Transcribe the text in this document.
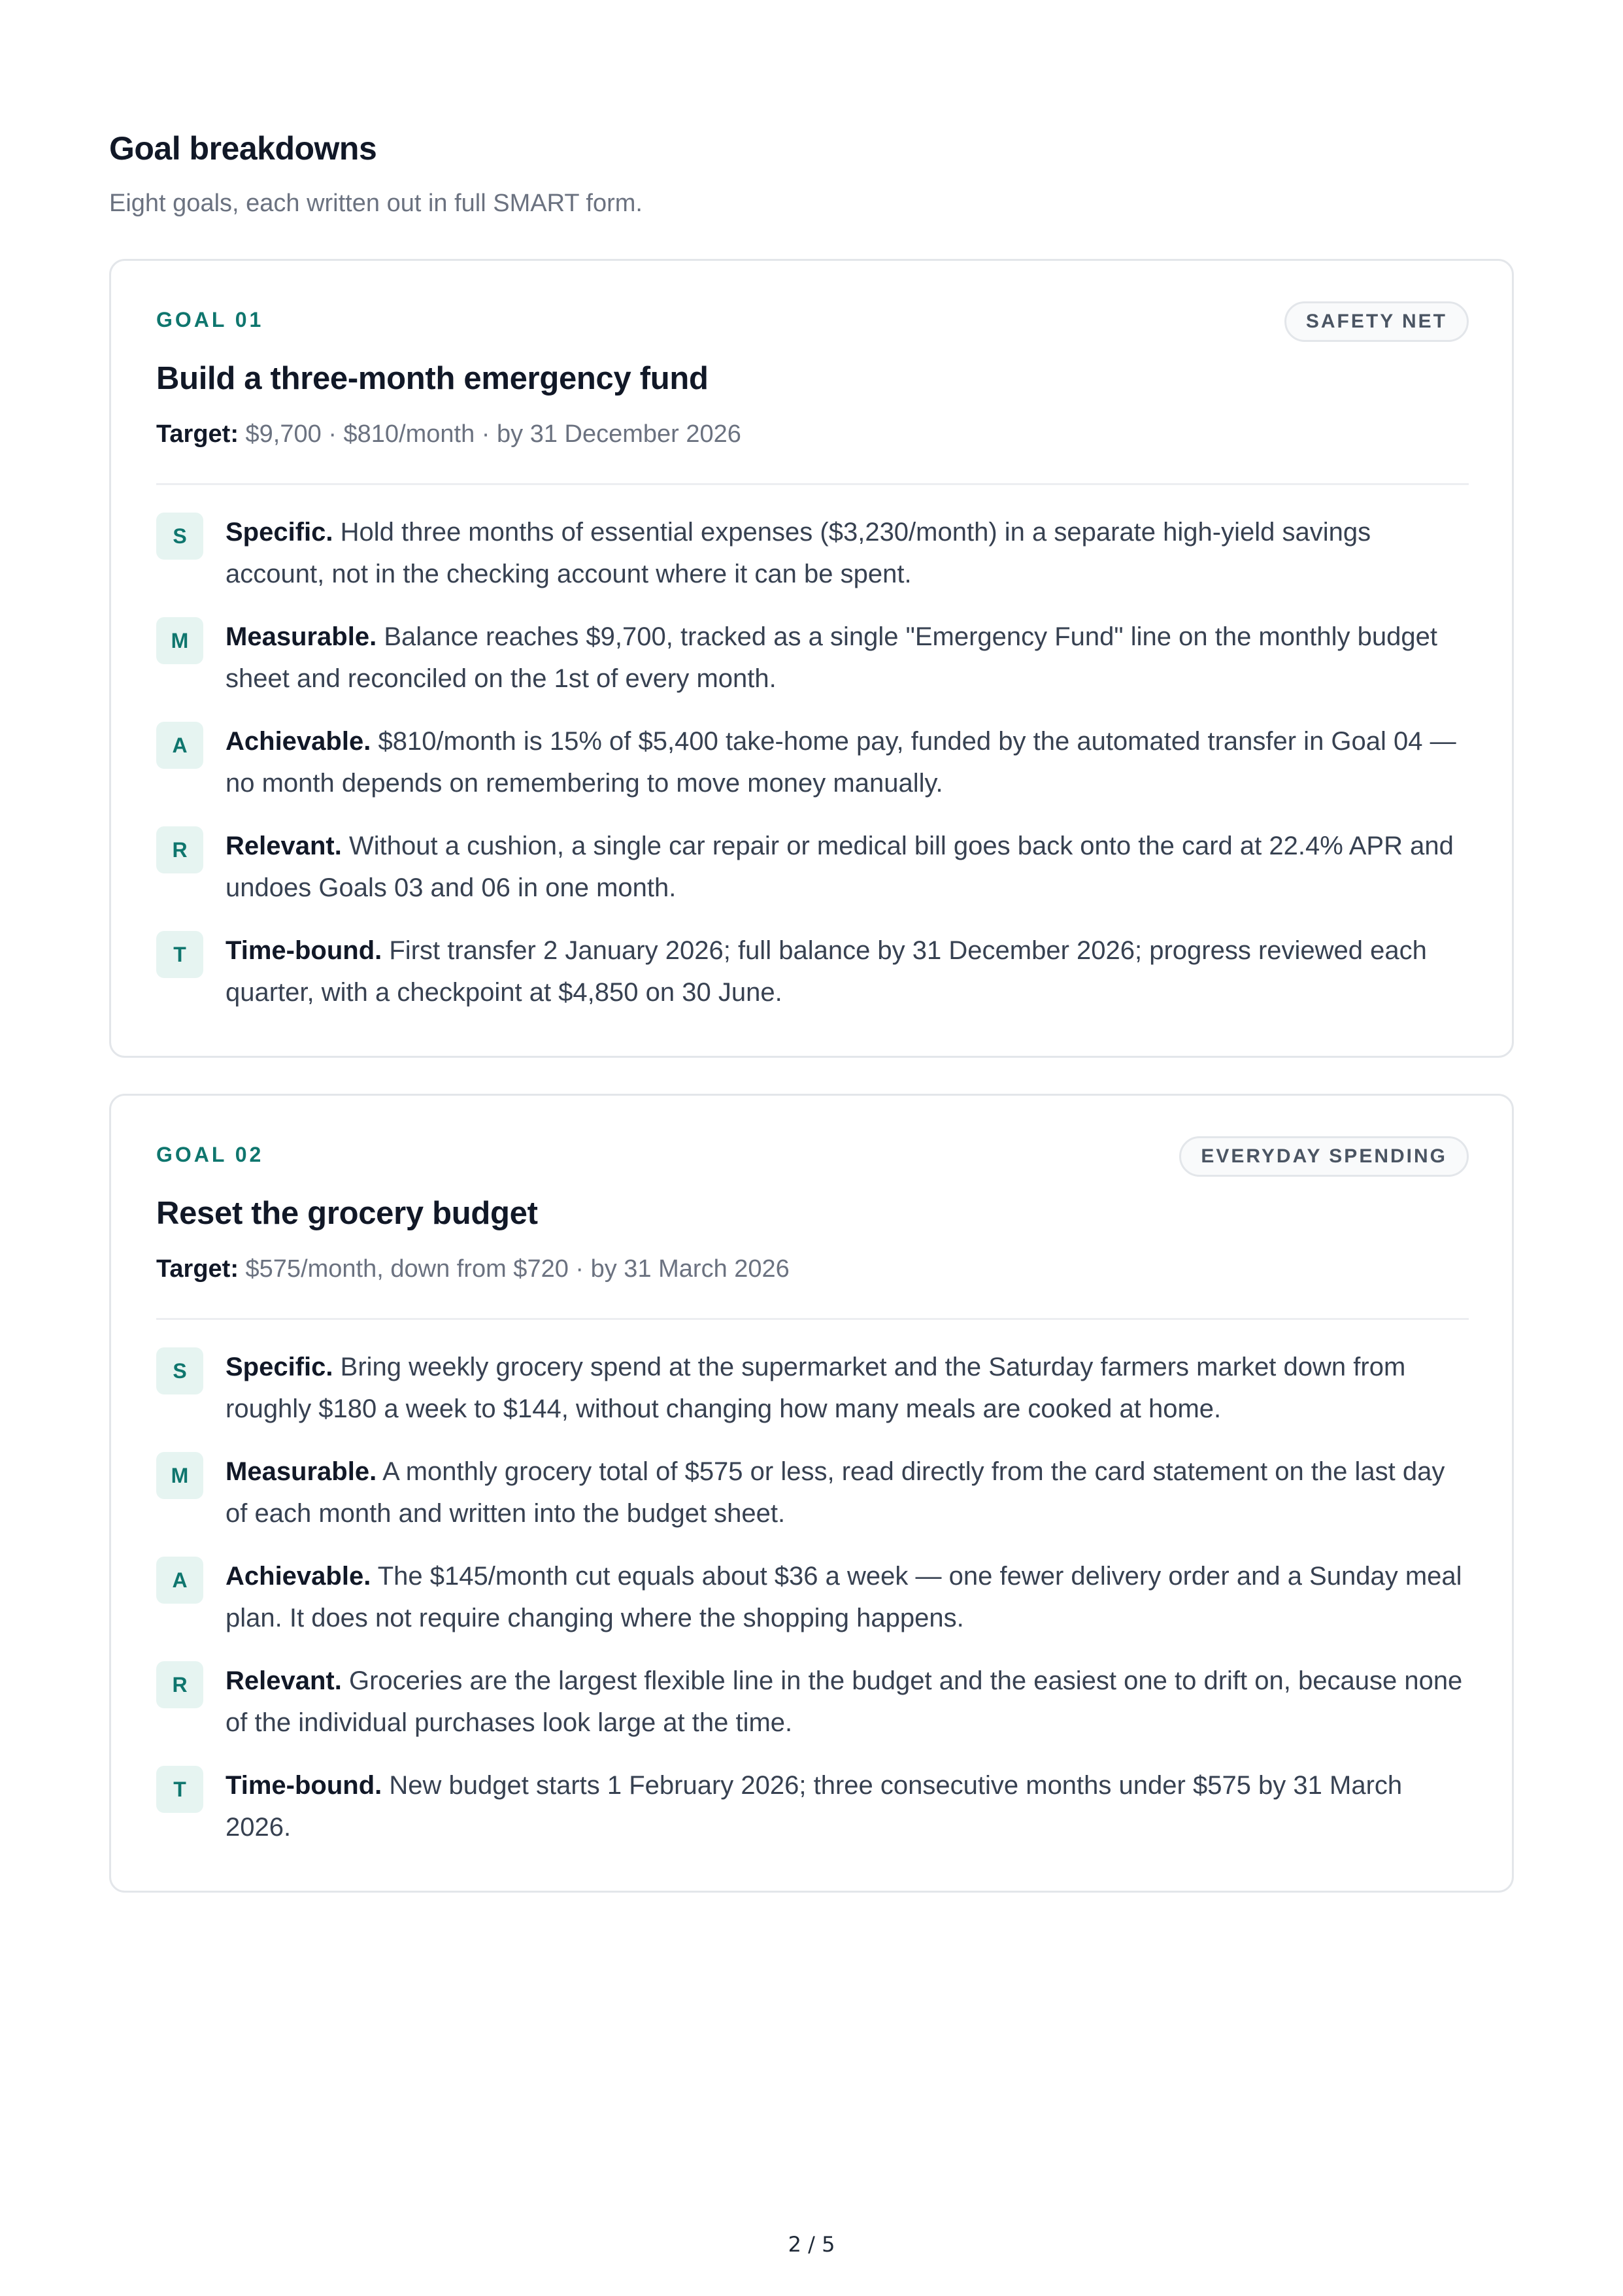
Goal breakdowns

Eight goals, each written out in full SMART form.

GOAL 01	SAFETY NET
Build a three-month emergency fund
Target: $9,700 · $810/month · by 31 December 2026
S	Specific. Hold three months of essential expenses ($3,230/month) in a separate high-yield savings account, not in the checking account where it can be spent.
M	Measurable. Balance reaches $9,700, tracked as a single "Emergency Fund" line on the monthly budget sheet and reconciled on the 1st of every month.
A	Achievable. $810/month is 15% of $5,400 take-home pay, funded by the automated transfer in Goal 04 — no month depends on remembering to move money manually.
R	Relevant. Without a cushion, a single car repair or medical bill goes back onto the card at 22.4% APR and undoes Goals 03 and 06 in one month.
T	Time-bound. First transfer 2 January 2026; full balance by 31 December 2026; progress reviewed each quarter, with a checkpoint at $4,850 on 30 June.
GOAL 02	EVERYDAY SPENDING
Reset the grocery budget
Target: $575/month, down from $720 · by 31 March 2026
S	Specific. Bring weekly grocery spend at the supermarket and the Saturday farmers market down from roughly $180 a week to $144, without changing how many meals are cooked at home.
M	Measurable. A monthly grocery total of $575 or less, read directly from the card statement on the last day of each month and written into the budget sheet.
A	Achievable. The $145/month cut equals about $36 a week — one fewer delivery order and a Sunday meal plan. It does not require changing where the shopping happens.
R	Relevant. Groceries are the largest flexible line in the budget and the easiest one to drift on, because none of the individual purchases look large at the time.
T	Time-bound. New budget starts 1 February 2026; three consecutive months under $575 by 31 March 2026.
2 / 5
